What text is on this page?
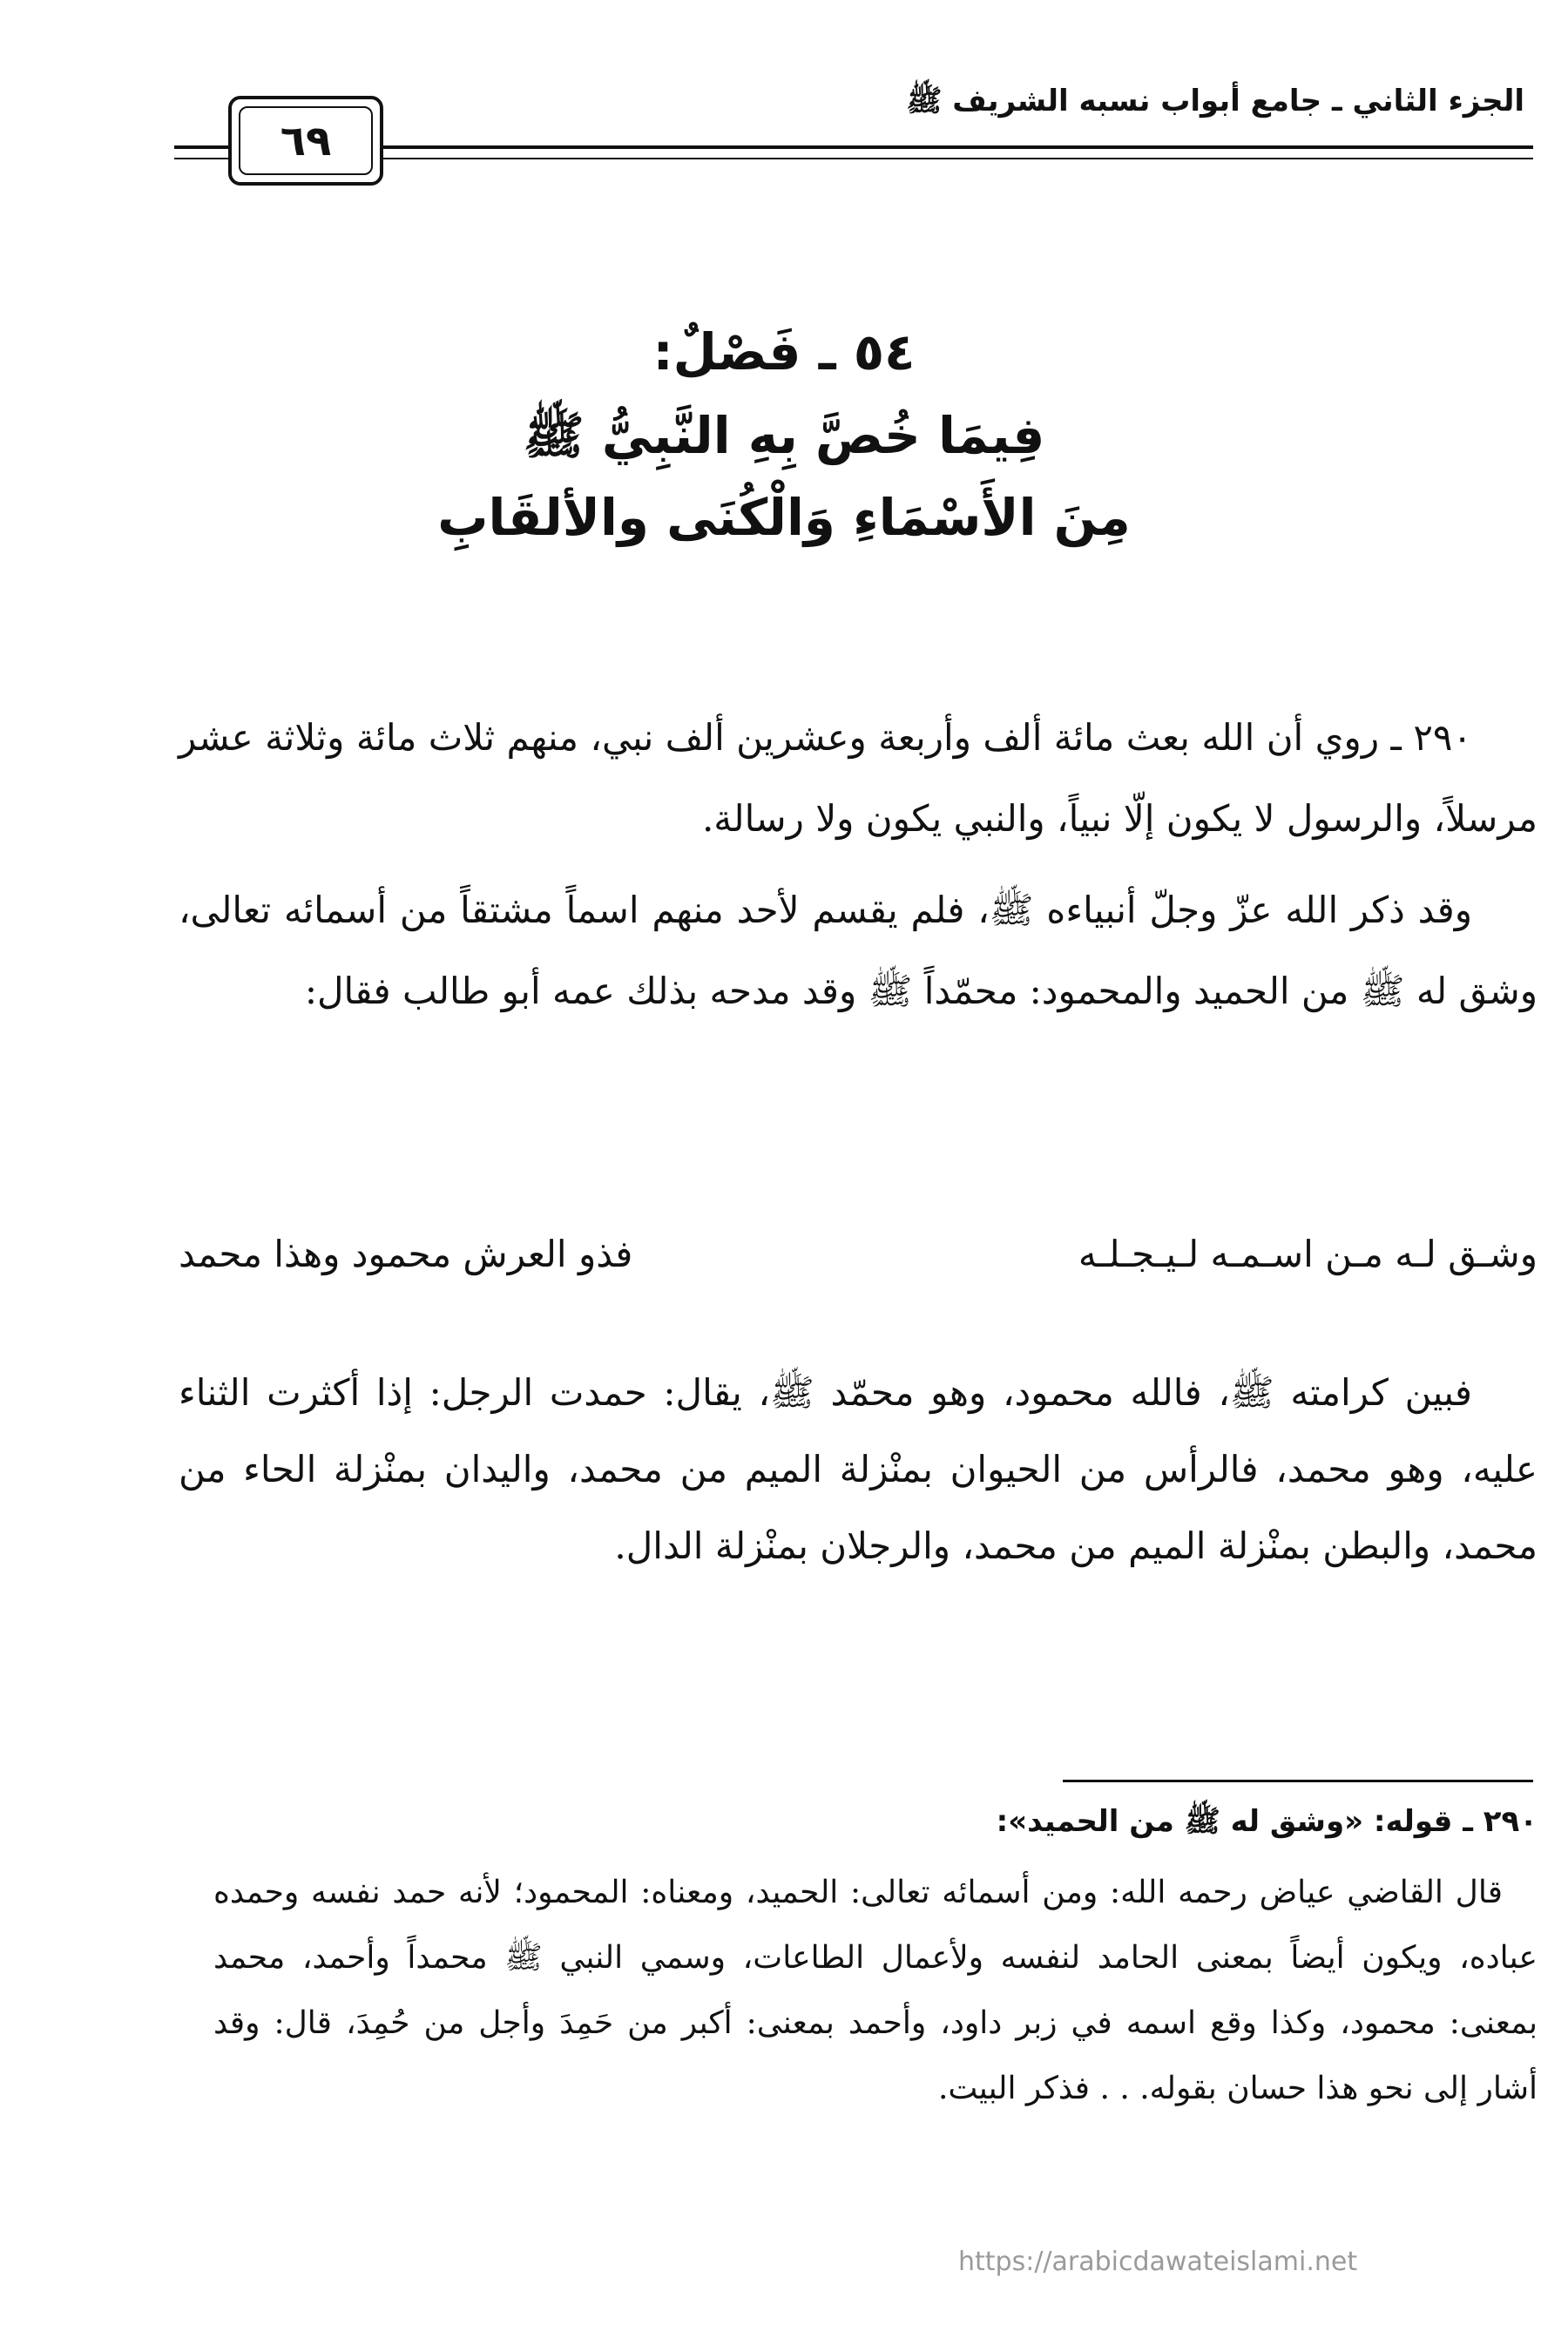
الجزء الثاني ـ جامع أبواب نسبه الشريف ﷺ
٦٩
٥٤ ـ فَصْلٌ:
فِيمَا خُصَّ بِهِ النَّبِيُّ ﷺ
مِنَ الأَسْمَاءِ وَالْكُنَى والألقَابِ

٢٩٠ ـ روي أن الله بعث مائة ألف وأربعة وعشرين ألف نبي، منهم ثلاث مائة وثلاثة عشر مرسلاً، والرسول لا يكون إلّا نبياً، والنبي يكون ولا رسالة.

وقد ذكر الله عزّ وجلّ أنبياءه ﷺ، فلم يقسم لأحد منهم اسماً مشتقاً من أسمائه تعالى، وشق له ﷺ من الحميد والمحمود: محمّداً ﷺ وقد مدحه بذلك عمه أبو طالب فقال:

وشـق لـه مـن اسـمـه لـيـجـلـه
فذو العرش محمود وهذا محمد

فبين كرامته ﷺ، فالله محمود، وهو محمّد ﷺ، يقال: حمدت الرجل: إذا أكثرت الثناء عليه، وهو محمد، فالرأس من الحيوان بمنْزلة الميم من محمد، واليدان بمنْزلة الحاء من محمد، والبطن بمنْزلة الميم من محمد، والرجلان بمنْزلة الدال.

٢٩٠ ـ قوله: «وشق له ﷺ من الحميد»:

قال القاضي عياض رحمه الله: ومن أسمائه تعالى: الحميد، ومعناه: المحمود؛ لأنه حمد نفسه وحمده عباده، ويكون أيضاً بمعنى الحامد لنفسه ولأعمال الطاعات، وسمي النبي ﷺ محمداً وأحمد، محمد بمعنى: محمود، وكذا وقع اسمه في زبر داود، وأحمد بمعنى: أكبر من حَمِدَ وأجل من حُمِدَ، قال: وقد أشار إلى نحو هذا حسان بقوله. . . فذكر البيت.

https://arabicdawateislami.net
